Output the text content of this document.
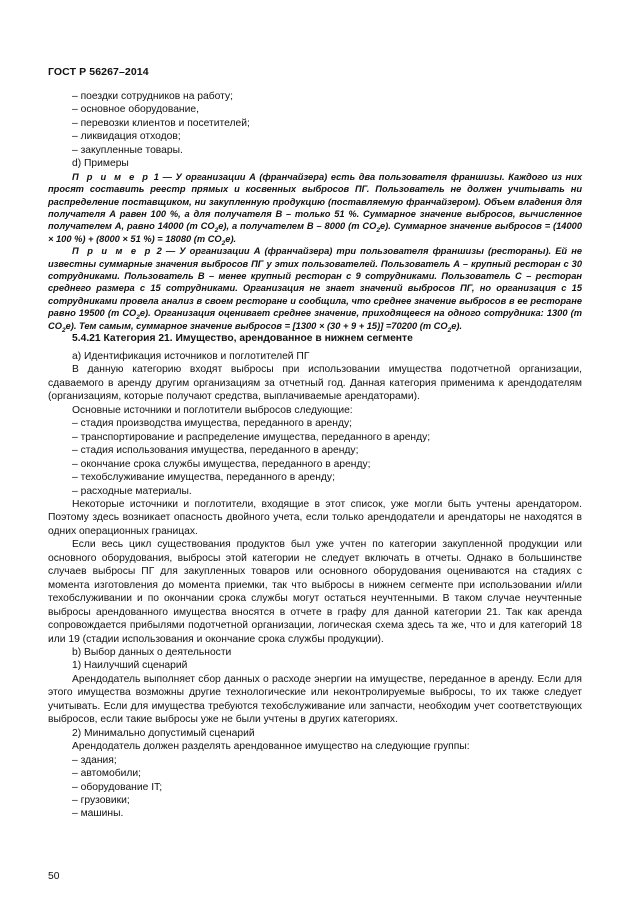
ГОСТ Р 56267–2014

– поездки сотрудников на работу;

– основное оборудование,

– перевозки клиентов и посетителей;

– ликвидация отходов;

– закупленные товары.

d) Примеры

П р и м е р 1 — У организации А (франчайзера) есть два пользователя франшизы. Каждого из них просят составить реестр прямых и косвенных выбросов ПГ. Пользователь не должен учитывать ни распределение поставщиком, ни закупленную продукцию (поставляемую франчайзером). Объем владения для получателя А равен 100 %, а для получателя В – только 51 %. Суммарное значение выбросов, вычисленное получателем А, равно 14000 (т $CO_2е$), а получателем В – 8000 (т $CO_2е$). Суммарное значение выбросов = (14000 × 100 %) + (8000 × 51 %) = 18080 (т $CO_2е$).

П р и м е р 2 — У организации А (франчайзера) три пользователя франшизы (рестораны). Ей не известны суммарные значения выбросов ПГ у этих пользователей. Пользователь А – крупный ресторан с 30 сотрудниками. Пользователь В – менее крупный ресторан с 9 сотрудниками. Пользователь С – ресторан среднего размера с 15 сотрудниками. Организация не знает значений выбросов ПГ, но организация с 15 сотрудниками провела анализ в своем ресторане и сообщила, что среднее значение выбросов в ее ресторане равно 19500 (т $CO_2е$). Организация оценивает среднее значение, приходящееся на одного сотрудника: 1300 (т $CO_2е$). Тем самым, суммарное значение выбросов = [1300 × (30 + 9 + 15)] =70200 (т $CO_2е$).

5.4.21 Категория 21. Имущество, арендованное в нижнем сегменте

а) Идентификация источников и поглотителей ПГ

В данную категорию входят выбросы при использовании имущества подотчетной организации, сдаваемого в аренду другим организациям за отчетный год. Данная категория применима к арендодателям (организациям, которые получают средства, выплачиваемые арендаторами).

Основные источники и поглотители выбросов следующие:

– стадия производства имущества, переданного в аренду;

– транспортирование и распределение имущества, переданного в аренду;

– стадия использования имущества, переданного в аренду;

– окончание срока службы имущества, переданного в аренду;

– техобслуживание имущества, переданного в аренду;

– расходные материалы.

Некоторые источники и поглотители, входящие в этот список, уже могли быть учтены арендатором. Поэтому здесь возникает опасность двойного учета, если только арендодатели и арендаторы не находятся в одних операционных границах.

Если весь цикл существования продуктов был уже учтен по категории закупленной продукции или основного оборудования, выбросы этой категории не следует включать в отчеты. Однако в большинстве случаев выбросы ПГ для закупленных товаров или основного оборудования оцениваются на стадиях с момента изготовления до момента приемки, так что выбросы в нижнем сегменте при использовании и/или техобслуживании и по окончании срока службы могут остаться неучтенными. В таком случае неучтенные выбросы арендованного имущества вносятся в отчете в графу для данной категории 21. Так как аренда сопровождается прибылями подотчетной организации, логическая схема здесь та же, что и для категорий 18 или 19 (стадии использования и окончание срока службы продукции).

b) Выбор данных о деятельности

1) Наилучший сценарий

Арендодатель выполняет сбор данных о расходе энергии на имуществе, переданное в аренду. Если для этого имущества возможны другие технологические или неконтролируемые выбросы, то их также следует учитывать. Если для имущества требуются техобслуживание или запчасти, необходим учет соответствующих выбросов, если такие выбросы уже не были учтены в других категориях.

2) Минимально допустимый сценарий

Арендодатель должен разделять арендованное имущество на следующие группы:

– здания;

– автомобили;

– оборудование IT;

– грузовики;

– машины.

50
